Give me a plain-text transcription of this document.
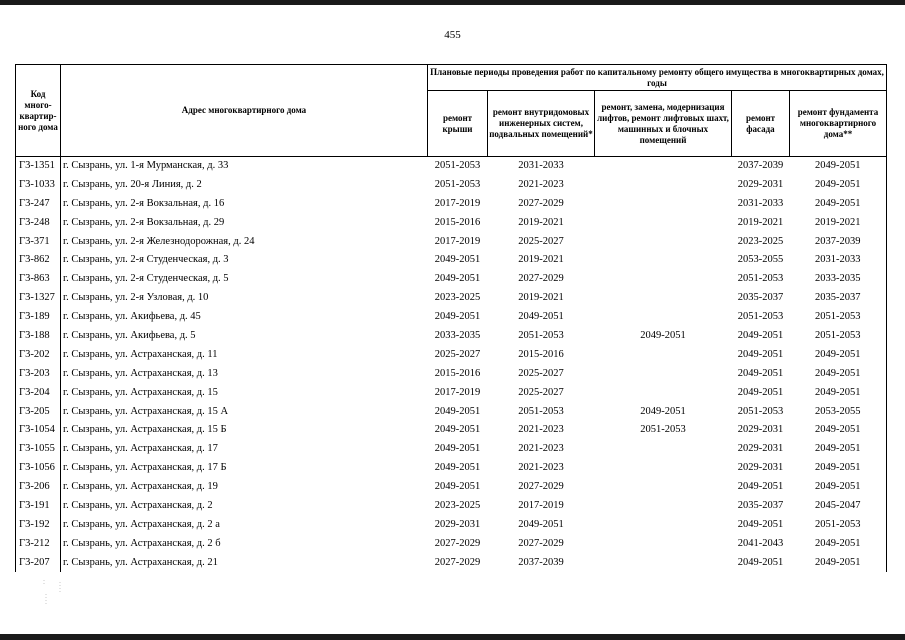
455
Код много-квартир-ного дома	Адрес многоквартирного дома	Плановые периоды проведения работ по капитальному ремонту общего имущества в многоквартирных домах, годы				
		ремонт крыши	ремонт внутридомовых инженерных систем, подвальных помещений*	ремонт, замена, модернизация лифтов, ремонт лифтовых шахт, машинных и блочных помещений	ремонт фасада	ремонт фундамента многоквартирного дома**
Г3-1351	г. Сызрань, ул. 1-я Мурманская, д. 33	2051-2053	2031-2033		2037-2039	2049-2051
Г3-1033	г. Сызрань, ул. 20-я Линия, д. 2	2051-2053	2021-2023		2029-2031	2049-2051
Г3-247	г. Сызрань, ул. 2-я Вокзальная, д. 16	2017-2019	2027-2029		2031-2033	2049-2051
Г3-248	г. Сызрань, ул. 2-я Вокзальная, д. 29	2015-2016	2019-2021		2019-2021	2019-2021
Г3-371	г. Сызрань, ул. 2-я Железнодорожная, д. 24	2017-2019	2025-2027		2023-2025	2037-2039
Г3-862	г. Сызрань, ул. 2-я Студенческая, д. 3	2049-2051	2019-2021		2053-2055	2031-2033
Г3-863	г. Сызрань, ул. 2-я Студенческая, д. 5	2049-2051	2027-2029		2051-2053	2033-2035
Г3-1327	г. Сызрань, ул. 2-я Узловая, д. 10	2023-2025	2019-2021		2035-2037	2035-2037
Г3-189	г. Сызрань, ул. Акифьева, д. 45	2049-2051	2049-2051		2051-2053	2051-2053
Г3-188	г. Сызрань, ул. Акифьева, д. 5	2033-2035	2051-2053	2049-2051	2049-2051	2051-2053
Г3-202	г. Сызрань, ул. Астраханская, д. 11	2025-2027	2015-2016		2049-2051	2049-2051
Г3-203	г. Сызрань, ул. Астраханская, д. 13	2015-2016	2025-2027		2049-2051	2049-2051
Г3-204	г. Сызрань, ул. Астраханская, д. 15	2017-2019	2025-2027		2049-2051	2049-2051
Г3-205	г. Сызрань, ул. Астраханская, д. 15 А	2049-2051	2051-2053	2049-2051	2051-2053	2053-2055
Г3-1054	г. Сызрань, ул. Астраханская, д. 15 Б	2049-2051	2021-2023	2051-2053	2029-2031	2049-2051
Г3-1055	г. Сызрань, ул. Астраханская, д. 17	2049-2051	2021-2023		2029-2031	2049-2051
Г3-1056	г. Сызрань, ул. Астраханская, д. 17 Б	2049-2051	2021-2023		2029-2031	2049-2051
Г3-206	г. Сызрань, ул. Астраханская, д. 19	2049-2051	2027-2029		2049-2051	2049-2051
Г3-191	г. Сызрань, ул. Астраханская, д. 2	2023-2025	2017-2019		2035-2037	2045-2047
Г3-192	г. Сызрань, ул. Астраханская, д. 2 а	2029-2031	2049-2051		2049-2051	2051-2053
Г3-212	г. Сызрань, ул. Астраханская, д. 2 б	2027-2029	2027-2029		2041-2043	2049-2051
Г3-207	г. Сызрань, ул. Астраханская, д. 21	2027-2029	2037-2039		2049-2051	2049-2051
